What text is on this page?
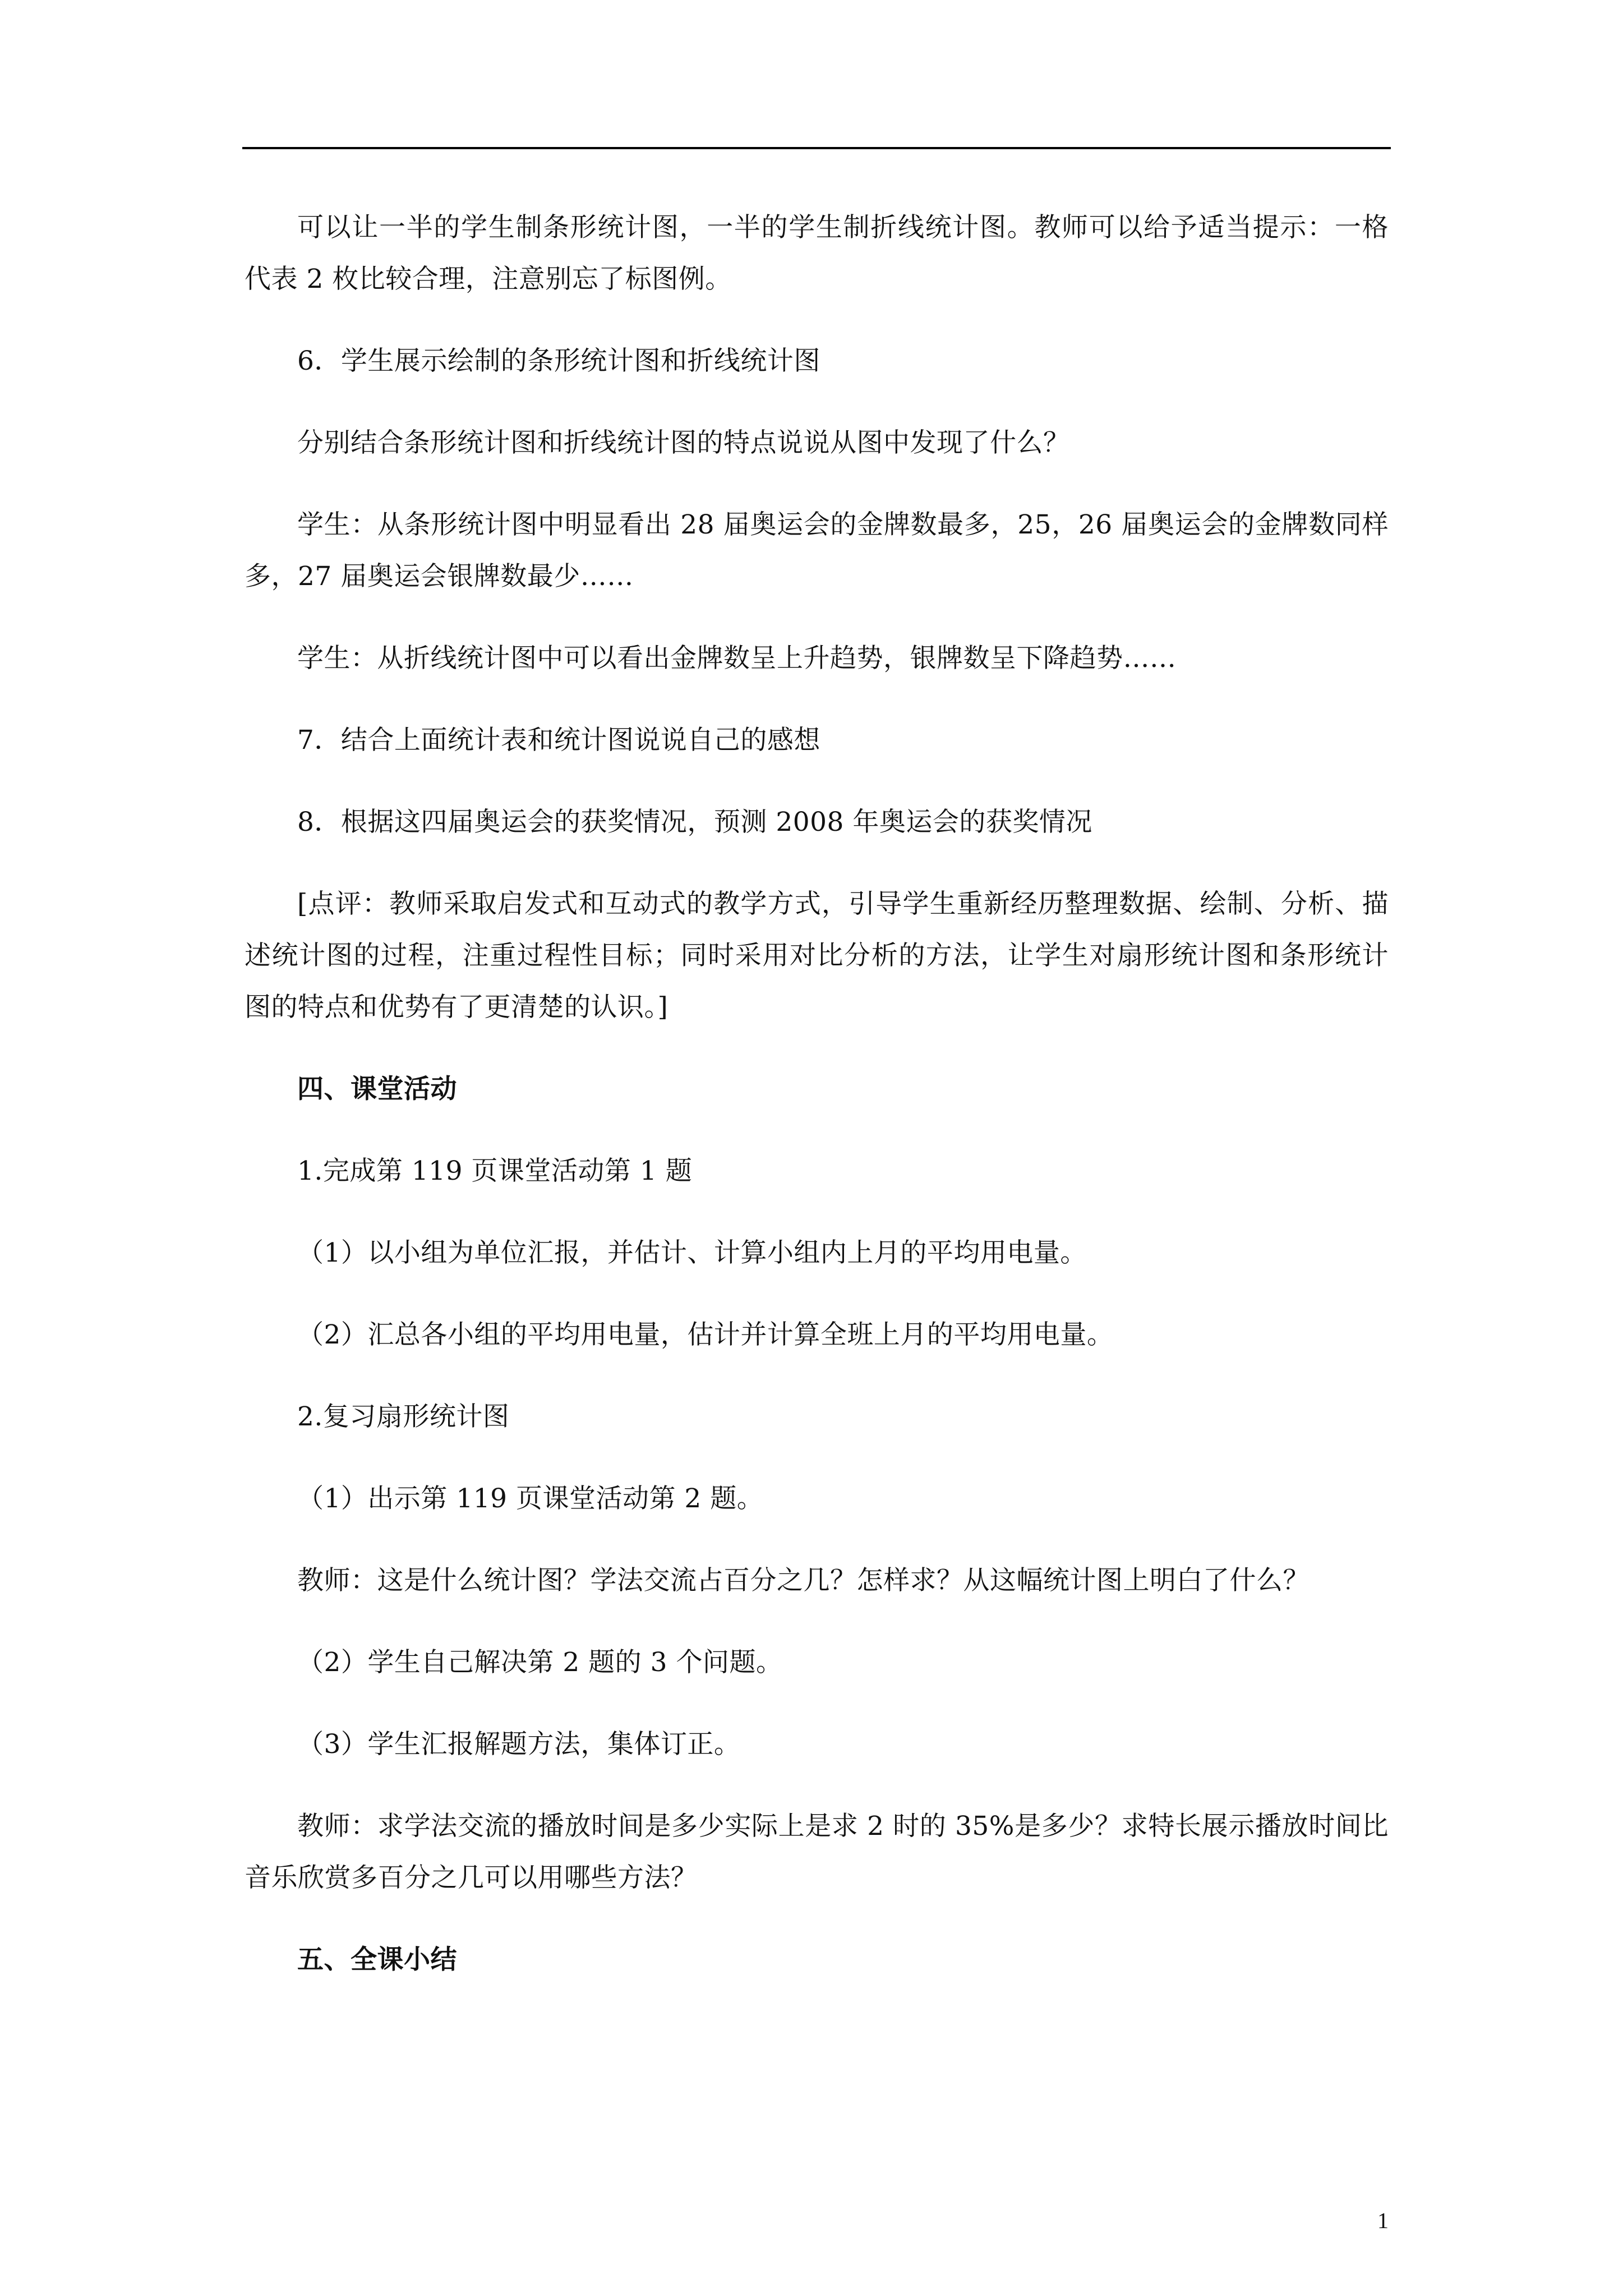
可以让一半的学生制条形统计图，一半的学生制折线统计图。教师可以给予适当提示：一格代表 2 枚比较合理，注意别忘了标图例。

6．学生展示绘制的条形统计图和折线统计图

分别结合条形统计图和折线统计图的特点说说从图中发现了什么？

学生：从条形统计图中明显看出 28 届奥运会的金牌数最多，25，26 届奥运会的金牌数同样多，27 届奥运会银牌数最少……

学生：从折线统计图中可以看出金牌数呈上升趋势，银牌数呈下降趋势……

7．结合上面统计表和统计图说说自己的感想

8．根据这四届奥运会的获奖情况，预测 2008 年奥运会的获奖情况

[点评：教师采取启发式和互动式的教学方式，引导学生重新经历整理数据、绘制、分析、描述统计图的过程，注重过程性目标；同时采用对比分析的方法，让学生对扇形统计图和条形统计图的特点和优势有了更清楚的认识。]

四、课堂活动

1.完成第 119 页课堂活动第 1 题

（1）以小组为单位汇报，并估计、计算小组内上月的平均用电量。

（2）汇总各小组的平均用电量，估计并计算全班上月的平均用电量。

2.复习扇形统计图

（1）出示第 119 页课堂活动第 2 题。

教师：这是什么统计图？学法交流占百分之几？怎样求？从这幅统计图上明白了什么？

（2）学生自己解决第 2 题的 3 个问题。

（3）学生汇报解题方法，集体订正。

教师：求学法交流的播放时间是多少实际上是求 2 时的 35%是多少？求特长展示播放时间比音乐欣赏多百分之几可以用哪些方法？

五、全课小结

1
